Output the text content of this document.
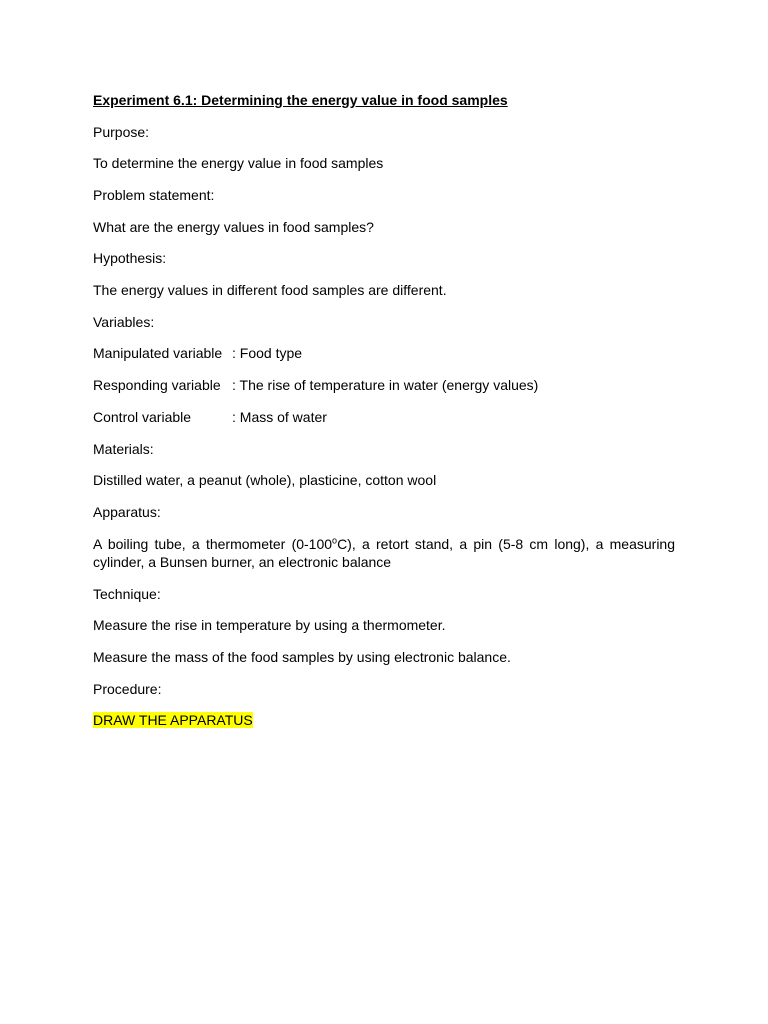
Experiment 6.1: Determining the energy value in food samples
Purpose:
To determine the energy value in food samples
Problem statement:
What are the energy values in food samples?
Hypothesis:
The energy values in different food samples are different.
Variables:
Manipulated variable : Food type
Responding variable : The rise of temperature in water (energy values)
Control variable	: Mass of water
Materials:
Distilled water, a peanut (whole), plasticine, cotton wool
Apparatus:
A boiling tube, a thermometer (0-100$^o$C), a retort stand, a pin (5-8 cm long), a measuring cylinder, a Bunsen burner, an electronic balance
Technique:
Measure the rise in temperature by using a thermometer.
Measure the mass of the food samples by using electronic balance.
Procedure:
DRAW THE APPARATUS
